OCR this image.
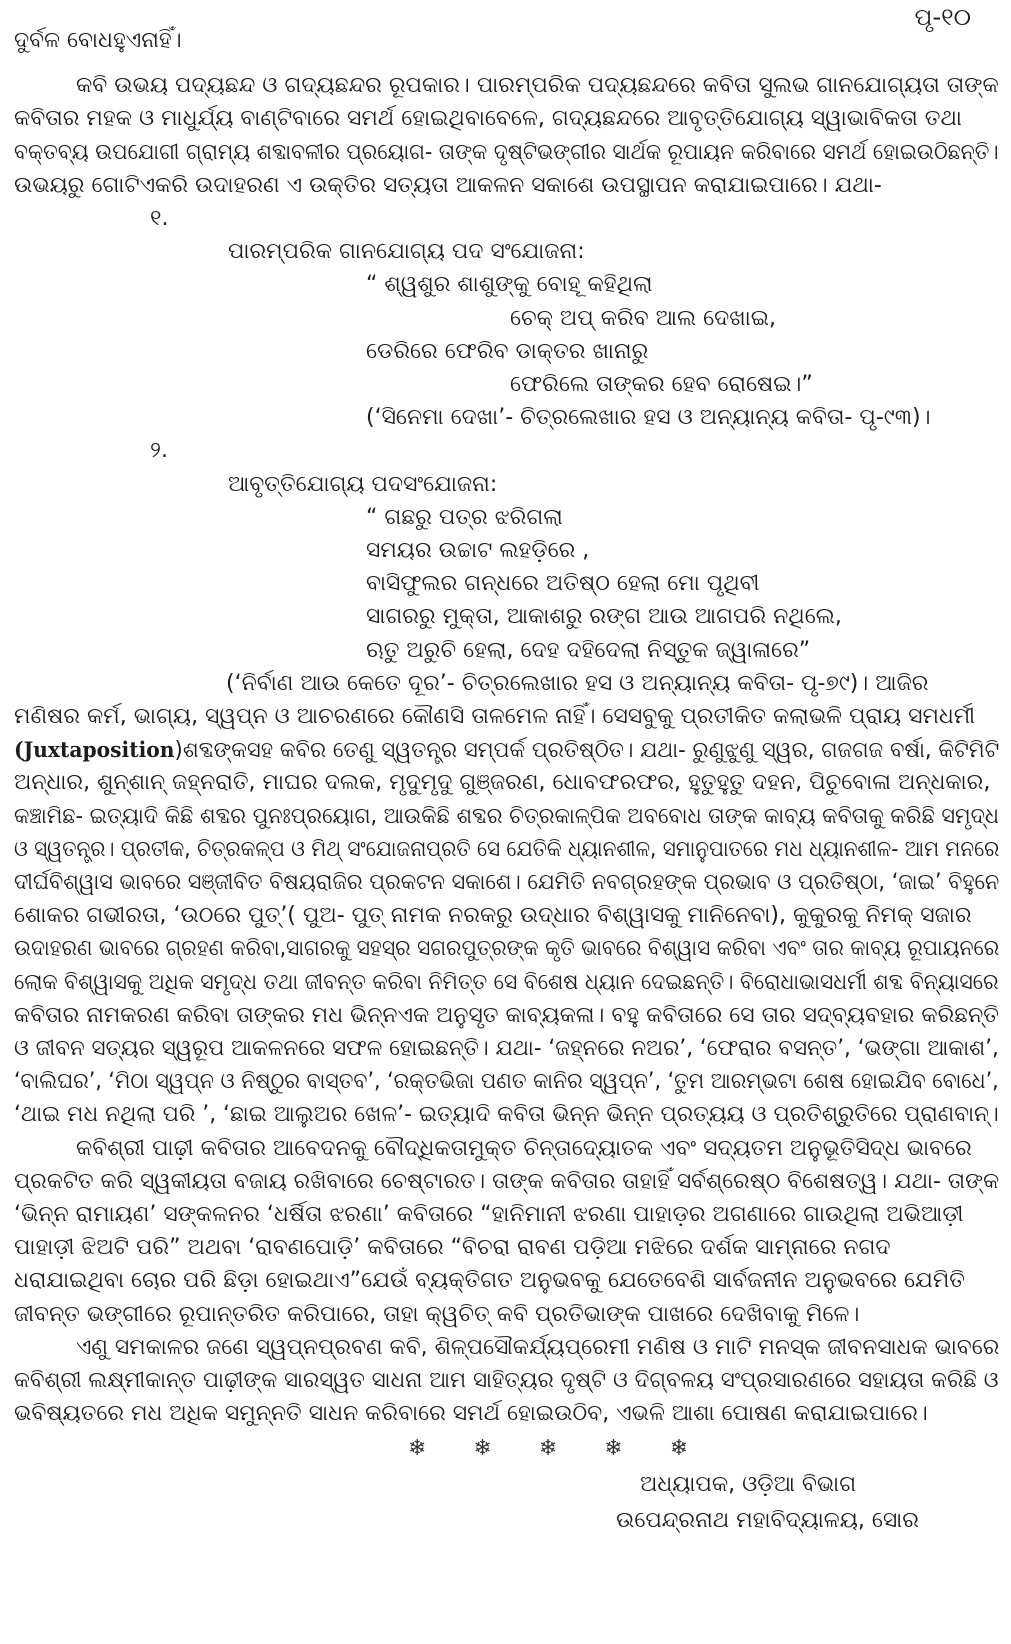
ପୃ-୧୦
ଦୁର୍ବଳ ବୋଧହୁଏନାହିଁ।
କବି ଉଭୟ ପଦ୍ୟଛନ୍ଦ ଓ ଗଦ୍ୟଛନ୍ଦର ରୂପକାର। ପାରମ୍ପରିକ ପଦ୍ୟଛନ୍ଦରେ କବିତା ସୁଲଭ ଗାନଯୋଗ୍ୟତା ତାଙ୍କ
କବିତାର ମହକ ଓ ମାଧୁର୍ଯ୍ୟ ବାଣ୍ଟିବାରେ ସମର୍ଥ ହୋଇଥିବାବେଳେ, ଗଦ୍ୟଛନ୍ଦରେ ଆବୃତ୍ତିଯୋଗ୍ୟ ସ୍ୱାଭାବିକତା ତଥା
ବକ୍ତବ୍ୟ ଉପଯୋଗୀ ଗ୍ରାମ୍ୟ ଶବ୍ଦାବଳୀର ପ୍ରୟୋଗ- ତାଙ୍କ ଦୃଷ୍ଟିଭଙ୍ଗୀର ସାର୍ଥକ ରୂପାୟନ କରିବାରେ ସମର୍ଥ ହୋଇଉଠିଛନ୍ତି।
ଉଭୟରୁ ଗୋଟିଏକରି ଉଦାହରଣ ଏ ଉକ୍ତିର ସତ୍ୟତା ଆକଳନ ସକାଶେ ଉପସ୍ଥାପନ କରାଯାଇପାରେ। ଯଥା-
୧.
ପାରମ୍ପରିକ ଗାନଯୋଗ୍ୟ ପଦ ସଂଯୋଜନା:
“ ଶ୍ୱଶୁର ଶାଶୁଙ୍କୁ ବୋହୂ କହିଥିଲା
ଚେକ୍ ଅପ୍ କରିବ ଆଲ ଦେଖାଇ,
ଡେରିରେ ଫେରିବ ଡାକ୍ତର ଖାନାରୁ
ଫେରିଲେ ତାଙ୍କର ହେବ ରୋଷେଇ।”
(‘ସିନେମା ଦେଖା’- ଚିତ୍ରଲେଖାର ହସ ଓ ଅନ୍ୟାନ୍ୟ କବିତା- ପୃ-୯୩)।
୨.
ଆବୃତ୍ତିଯୋଗ୍ୟ ପଦସଂଯୋଜନା:
“ ଗଛରୁ ପତ୍ର ଝରିଗଲା
ସମୟର ଉଚ୍ଚାଟ ଲହଡ଼ିରେ ,
ବାସିଫୁଲର ଗନ୍ଧରେ ଅତିଷ୍ଠ ହେଲା ମୋ ପୃଥିବୀ
ସାଗରରୁ ମୁକ୍ତା, ଆକାଶରୁ ରଙ୍ଗ ଆଉ ଆଗପରି ନଥିଲେ,
ଋତୁ ଅରୁଚି ହେଲା, ଦେହ ଦହିଦେଲା ନିସ୍ତୁକ ଜ୍ୱାଳାରେ”
(‘ନିର୍ବାଣ ଆଉ କେତେ ଦୂର’- ଚିତ୍ରଲେଖାର ହସ ଓ ଅନ୍ୟାନ୍ୟ କବିତା- ପୃ-୭୯)। ଆଜିର
ମଣିଷର କର୍ମ, ଭାଗ୍ୟ, ସ୍ୱପ୍ନ ଓ ଆଚରଣରେ କୌଣସି ତାଳମେଳ ନାହିଁ। ସେସବୁକୁ ପ୍ରତୀକିତ କଲାଭଳି ପ୍ରାୟ ସମଧର୍ମୀ
(Juxtaposition)ଶବ୍ଦଙ୍କସହ କବିର ତେଣୁ ସ୍ୱତନ୍ତ୍ର ସମ୍ପର୍କ ପ୍ରତିଷ୍ଠିତ। ଯଥା- ରୁଣୁଝୁଣୁ ସ୍ୱର, ଗଜଗଜ ବର୍ଷା, କିଟିମିଟି
ଅନ୍ଧାର, ଶୁନ୍‌ଶାନ୍ ଜହ୍ନରାତି, ମାଘର ଦଲକ, ମୃଦୁମୃଦୁ ଗୁଞ୍ଜରଣ, ଧୋବଫରଫର, ହୁତୁହୁତୁ ଦହନ, ପିଚୁବୋଳା ଅନ୍ଧକାର,
କଞ୍ଚାମିଛ- ଇତ୍ୟାଦି କିଛି ଶବ୍ଦର ପୁନଃପ୍ରୟୋଗ, ଆଉକିଛି ଶବ୍ଦର ଚିତ୍ରକାଳ୍ପିକ ଅବବୋଧ ତାଙ୍କ କାବ୍ୟ କବିତାକୁ କରିଛି ସମୃଦ୍ଧ
ଓ ସ୍ୱତନ୍ତ୍ର। ପ୍ରତୀକ, ଚିତ୍ରକଳ୍ପ ଓ ମିଥ୍ ସଂଯୋଜନାପ୍ରତି ସେ ଯେତିକି ଧ୍ୟାନଶୀଳ, ସମାନୁପାତରେ ମଧ ଧ୍ୟାନଶୀଳ- ଆମ ମନରେ
ଦୀର୍ଘବିଶ୍ୱାସ ଭାବରେ ସଞ୍ଜୀବିତ ବିଷୟରାଜିର ପ୍ରକଟନ ସକାଶେ। ଯେମିତି ନବଗ୍ରହଙ୍କ ପ୍ରଭାବ ଓ ପ୍ରତିଷ୍ଠା, ‘ଜାଇ’ ବିହୁନେ
ଶୋକର ଗଭୀରତା, ‘ଉଠରେ ପୁତ୍’( ପୁଅ- ପୁତ୍ ନାମକ ନରକରୁ ଉଦ୍ଧାର ବିଶ୍ୱାସକୁ ମାନିନେବା), କୁକୁରକୁ ନିମକ୍ ସଜାର
ଉଦାହରଣ ଭାବରେ ଗ୍ରହଣ କରିବା,ସାଗରକୁ ସହସ୍ର ସଗରପୁତ୍ରଙ୍କ କୃତି ଭାବରେ ବିଶ୍ୱାସ କରିବା ଏବଂ ତାର କାବ୍ୟ ରୂପାୟନରେ
ଲୋକ ବିଶ୍ୱାସକୁ ଅଧିକ ସମୃଦ୍ଧ ତଥା ଜୀବନ୍ତ କରିବା ନିମିତ୍ତ ସେ ବିଶେଷ ଧ୍ୟାନ ଦେଇଛନ୍ତି। ବିରୋଧାଭାସଧର୍ମୀ ଶବ୍ଦ ବିନ୍ୟାସରେ
କବିତାର ନାମକରଣ କରିବା ତାଙ୍କର ମଧ ଭିନ୍ନଏକ ଅନୁସୃତ କାବ୍ୟକଳା। ବହୁ କବିତାରେ ସେ ତାର ସଦ୍‌ବ୍ୟବହାର କରିଛନ୍ତି
ଓ ଜୀବନ ସତ୍ୟର ସ୍ୱରୂପ ଆକଳନରେ ସଫଳ ହୋଇଛନ୍ତି। ଯଥା- ‘ଜହ୍ନରେ ନଅର’, ‘ଫେରାର ବସନ୍ତ’, ‘ଭଙ୍ଗା ଆକାଶ’,
‘ବାଲିଘର’, ‘ମିଠା ସ୍ୱପ୍ନ ଓ ନିଷ୍ଠୁର ବାସ୍ତବ’, ‘ରକ୍ତଭିଜା ପଣତ କାନିର ସ୍ୱପ୍ନ’, ‘ତୁମ ଆରମ୍ଭଟା ଶେଷ ହୋଇଯିବ ବୋଧେ’,
‘ଥାଇ ମଧ ନଥିଲା ପରି ’, ‘ଛାଇ ଆଲୁଅର ଖେଳ’- ଇତ୍ୟାଦି କବିତା ଭିନ୍ନ ଭିନ୍ନ ପ୍ରତ୍ୟୟ ଓ ପ୍ରତିଶ୍ରୁତିରେ ପ୍ରାଣବାନ୍।
କବିଶ୍ରୀ ପାଢ଼ୀ କବିତାର ଆବେଦନକୁ ବୌଦ୍ଧିକତାମୁକ୍ତ ଚିନ୍ତାଦ୍ୟୋତକ ଏବଂ ସଦ୍ୟତମ ଅନୁଭୂତିସିଦ୍ଧ ଭାବରେ
ପ୍ରକଟିତ କରି ସ୍ୱକୀୟତା ବଜାୟ ରଖିବାରେ ଚେଷ୍ଟାରତ। ତାଙ୍କ କବିତାର ତାହାହିଁ ସର୍ବଶ୍ରେଷ୍ଠ ବିଶେଷତ୍ୱ। ଯଥା- ତାଙ୍କ
‘ଭିନ୍ନ ରାମାୟଣ’ ସଙ୍କଳନର ‘ଧର୍ଷିତା ଝରଣା’ କବିତାରେ “ହାନିମାନୀ ଝରଣା ପାହାଡ଼ର ଅଗଣାରେ ଗାଉଥିଲା ଅଭିଆଡ଼ୀ
ପାହାଡ଼ୀ ଝିଅଟି ପରି” ଅଥବା ‘ରାବଣପୋଡ଼ି’ କବିତାରେ “ବିଚରା ରାବଣ ପଡ଼ିଆ ମଝିରେ ଦର୍ଶକ ସାମ୍ନାରେ ନଗଦ
ଧରାଯାଇଥିବା ଚୋର ପରି ଛିଡ଼ା ହୋଇଥାଏ”ଯେଉଁ ବ୍ୟକ୍ତିଗତ ଅନୁଭବକୁ ଯେତେବେଶି ସାର୍ବଜନୀନ ଅନୁଭବରେ ଯେମିତି
ଜୀବନ୍ତ ଭଙ୍ଗୀରେ ରୂପାନ୍ତରିତ କରିପାରେ, ତାହା କ୍ୱଚିତ୍ କବି ପ୍ରତିଭାଙ୍କ ପାଖରେ ଦେଖିବାକୁ ମିଳେ।
ଏଣୁ ସମକାଳର ଜଣେ ସ୍ୱପ୍ନପ୍ରବଣ କବି, ଶିଳ୍ପସୌକର୍ଯ୍ୟପ୍ରେମୀ ମଣିଷ ଓ ମାଟି ମନସ୍କ ଜୀବନସାଧକ ଭାବରେ
କବିଶ୍ରୀ ଲକ୍ଷ୍ମୀକାନ୍ତ ପାଢ଼ୀଙ୍କ ସାରସ୍ୱତ ସାଧନା ଆମ ସାହିତ୍ୟର ଦୃଷ୍ଟି ଓ ଦିଗ୍‌ବଳୟ ସଂପ୍ରସାରଣରେ ସହାୟତା କରିଛି ଓ
ଭବିଷ୍ୟତରେ ମଧ ଅଧିକ ସମୁନ୍ନତି ସାଧନ କରିବାରେ ସମର୍ଥ ହୋଇଉଠିବ, ଏଭଳି ଆଶା ପୋଷଣ କରାଯାଇପାରେ।
❄ ❄ ❄ ❄ ❄
ଅଧ୍ୟାପକ, ଓଡ଼ିଆ ବିଭାଗ
ଉପେନ୍ଦ୍ରନାଥ ମହାବିଦ୍ୟାଳୟ, ସୋର
